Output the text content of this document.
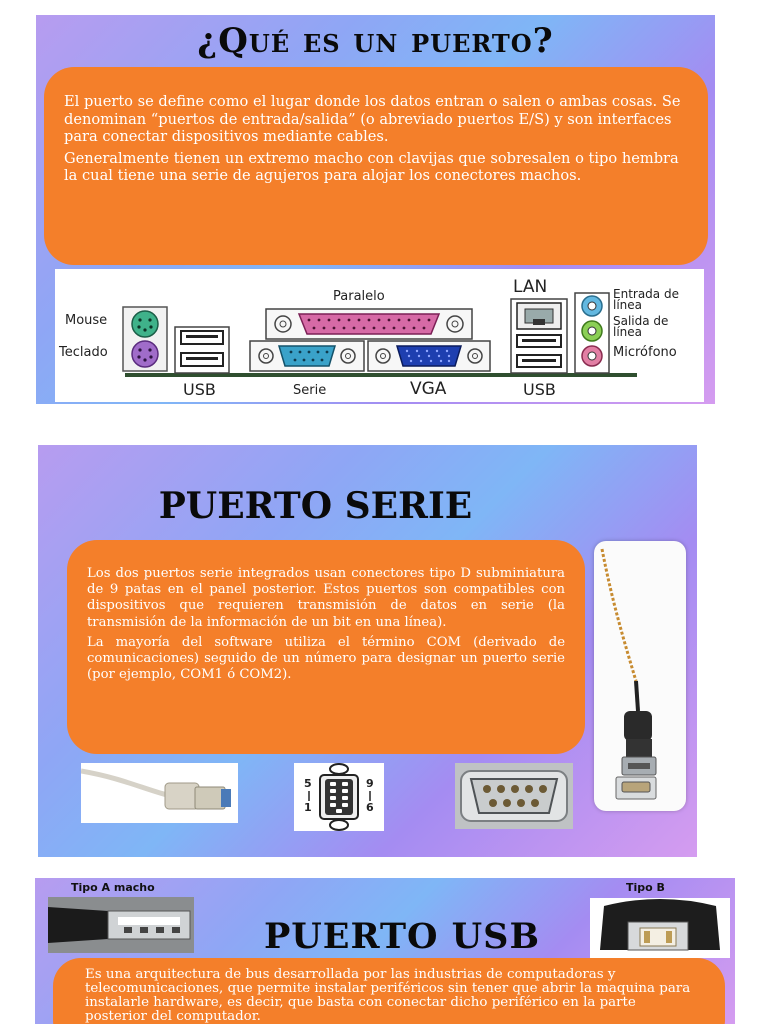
¿Qué es un puerto?

El puerto se define como el lugar donde los datos entran o salen o ambas cosas. Se denominan “puertos de entrada/salida” (o abreviado puertos E/S) y son interfaces para conectar dispositivos mediante cables.

Generalmente tienen un extremo macho con clavijas que sobresalen o tipo hembra la cual tiene una serie de agujeros para alojar los conectores machos.

Mouse
Teclado
Paralelo	LAN	Entrada de línea
Salida de línea
Micrófono
USB	Serie	VGA	USB
PUERTO SERIE

Los dos puertos serie integrados usan conectores tipo D subminiatura de 9 patas en el panel posterior. Estos puertos son compatibles con dispositivos que requieren transmisión de datos en serie (la transmisión de la información de un bit en una línea).

La mayoría del software utiliza el término COM (derivado de comunicaciones) seguido de un número para designar un puerto serie (por ejemplo, COM1 ó COM2).

5
1
9
6
Tipo A macho	Tipo B
PUERTO USB

Es una arquitectura de bus desarrollada por las industrias de computadoras y telecomunicaciones, que permite instalar periféricos sin tener que abrir la maquina para instalarle hardware, es decir, que basta con conectar dicho periférico en la parte posterior del computador.
